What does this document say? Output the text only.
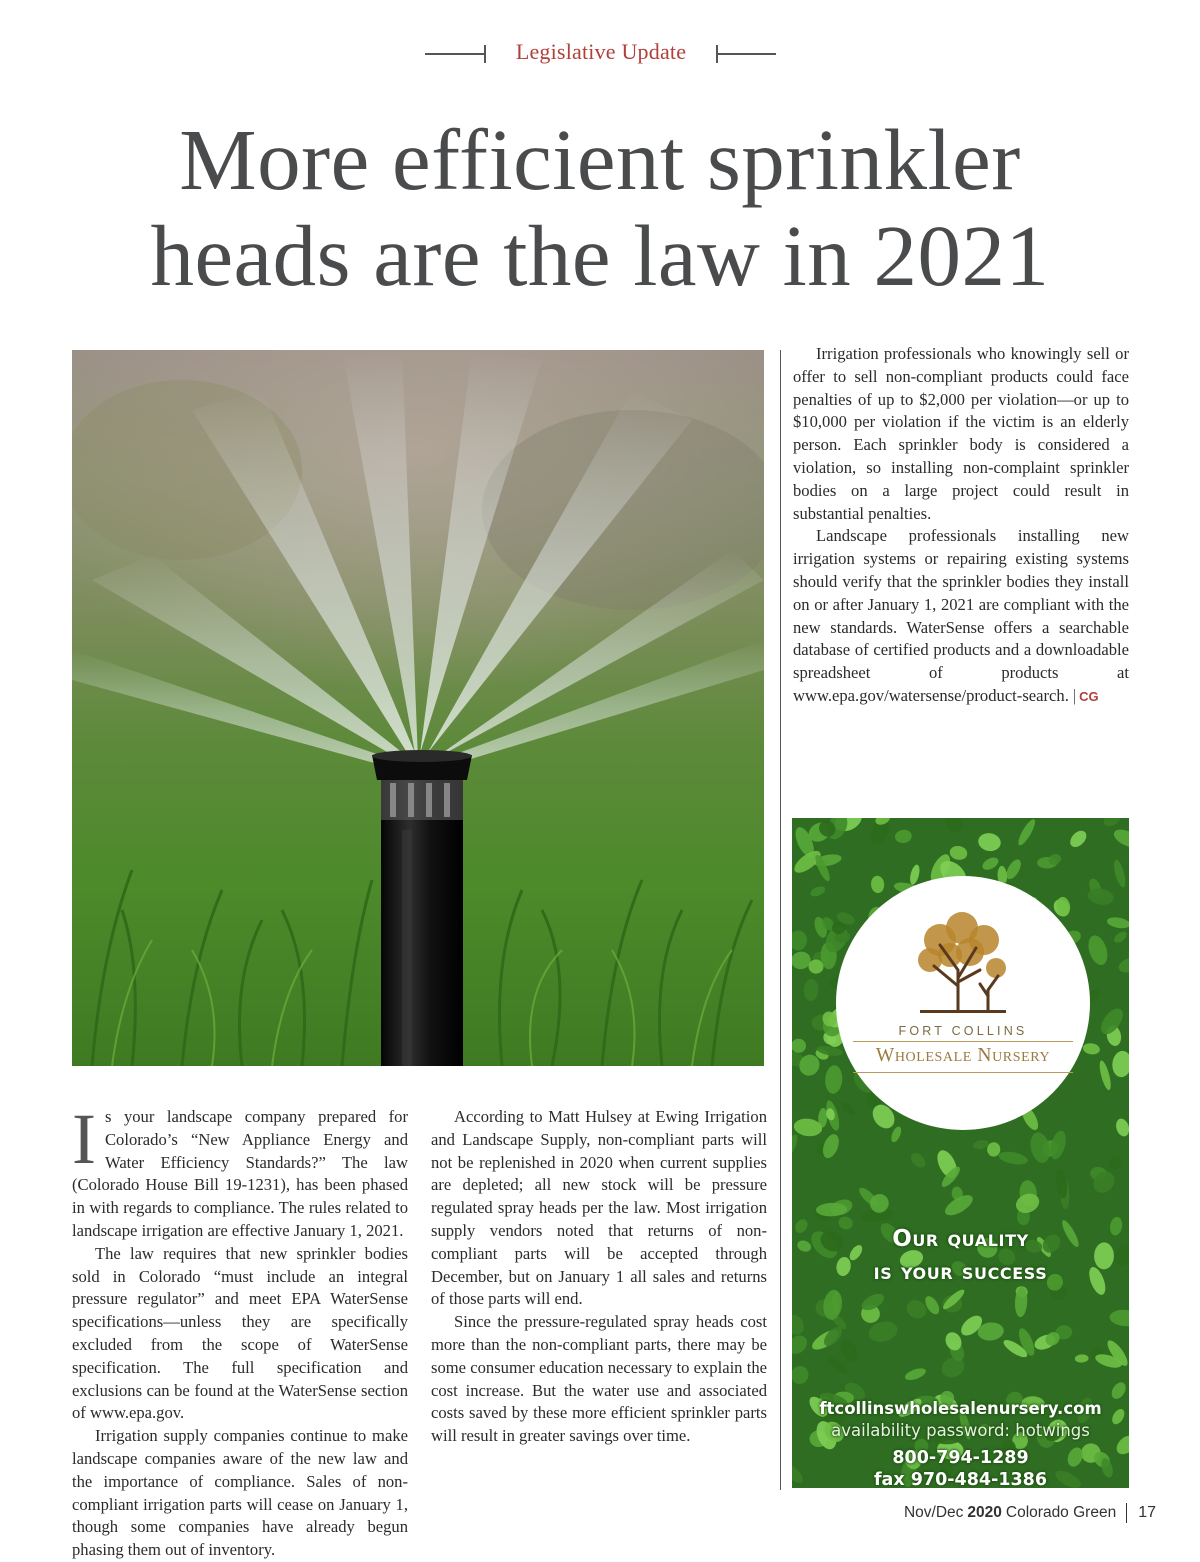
Legislative Update
More efficient sprinkler
heads are the law in 2021

Is your landscape company prepared for Colorado’s “New Appliance Energy and Water Efficiency Standards?” The law (Colorado House Bill 19-1231), has been phased in with regards to compliance. The rules related to landscape irrigation are effective January 1, 2021.

The law requires that new sprinkler bodies sold in Colorado “must include an integral pressure regulator” and meet EPA WaterSense specifications—unless they are specifically excluded from the scope of WaterSense specification. The full specification and exclusions can be found at the WaterSense section of www.epa.gov.

Irrigation supply companies continue to make landscape companies aware of the new law and the importance of compliance. Sales of non-compliant irrigation parts will cease on January 1, though some companies have already begun phasing them out of inventory.

According to Matt Hulsey at Ewing Irrigation and Landscape Supply, non-compliant parts will not be replenished in 2020 when current supplies are depleted; all new stock will be pressure regulated spray heads per the law. Most irrigation supply vendors noted that returns of non-compliant parts will be accepted through December, but on January 1 all sales and returns of those parts will end.

Since the pressure-regulated spray heads cost more than the non-compliant parts, there may be some consumer education necessary to explain the cost increase. But the water use and associated costs saved by these more efficient sprinkler parts will result in greater savings over time.

Irrigation professionals who knowingly sell or offer to sell non-compliant products could face penalties of up to $2,000 per violation—or up to $10,000 per violation if the victim is an elderly person. Each sprinkler body is considered a violation, so installing non-complaint sprinkler bodies on a large project could result in substantial penalties.

Landscape professionals installing new irrigation systems or repairing existing systems should verify that the sprinkler bodies they install on or after January 1, 2021 are compliant with the new standards. WaterSense offers a searchable database of certified products and a downloadable spreadsheet of products at www.epa.gov/watersense/product-search. | CG

FORT COLLINS
Wholesale Nursery
Our quality
is your success
ftcollinswholesalenursery.com
availability password: hotwings
800-794-1289
fax 970-484-1386
Nov/Dec 2020 Colorado Green 17
